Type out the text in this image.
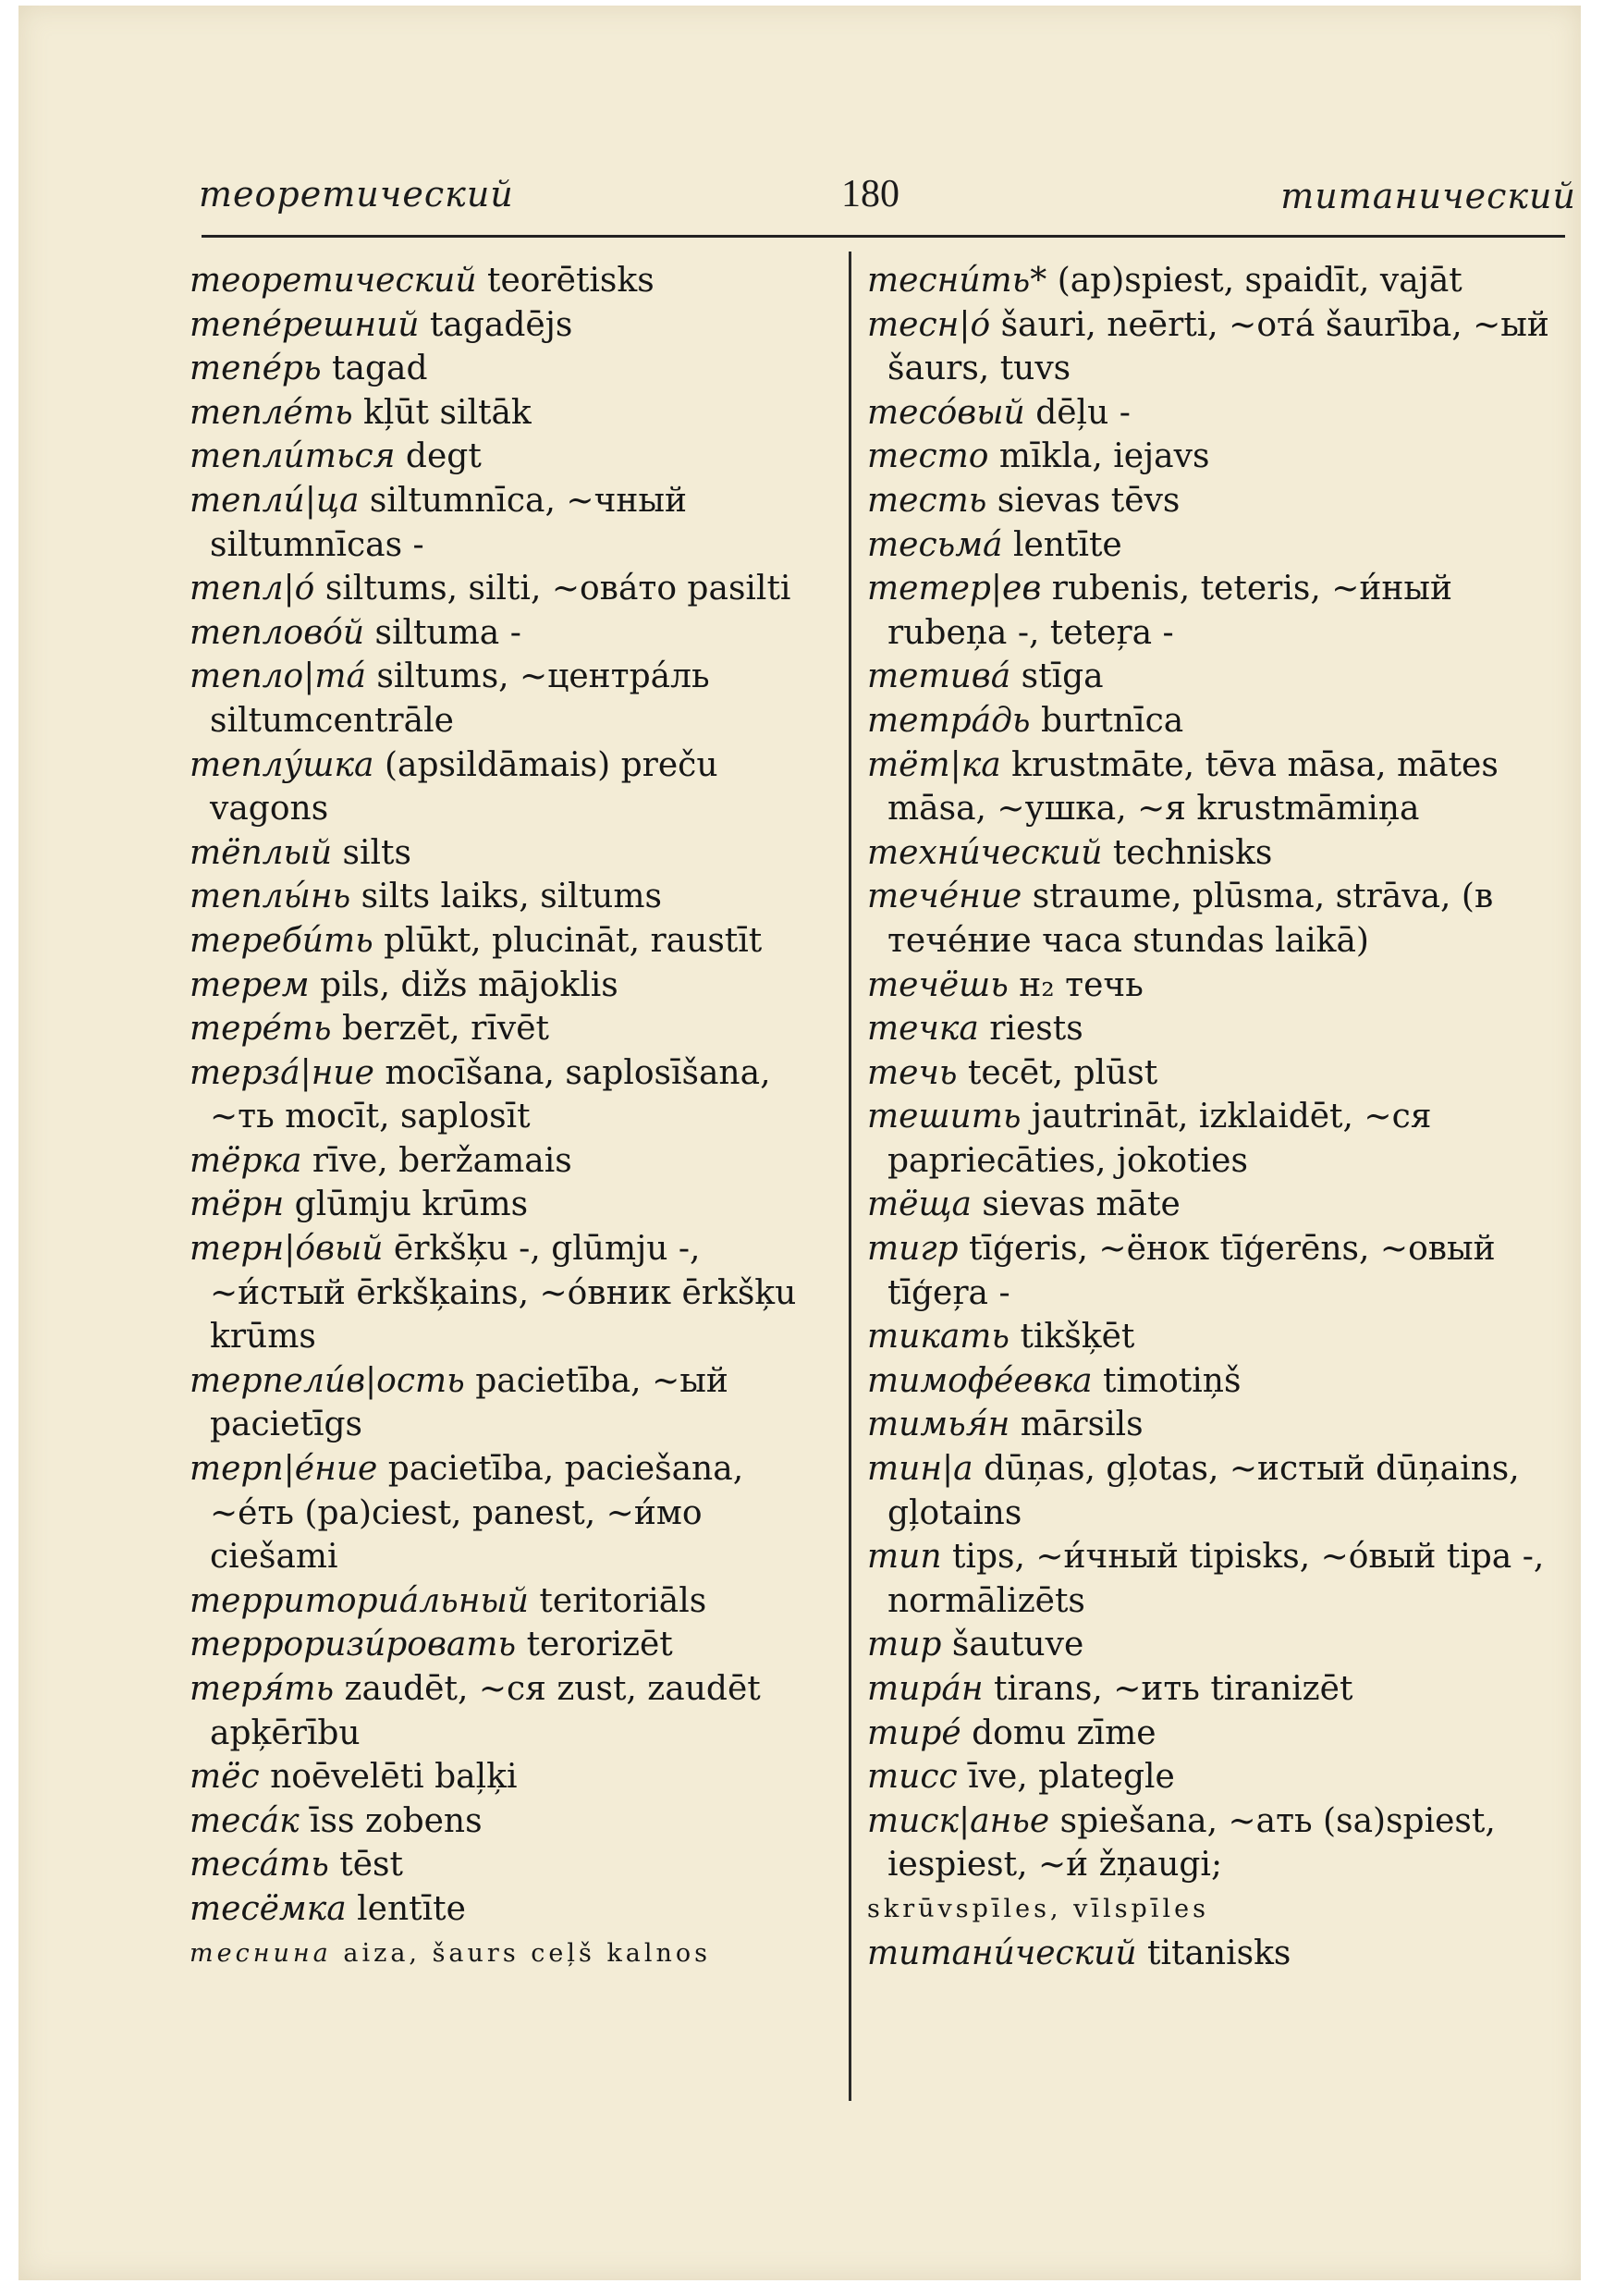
теоретический	180	титанический
теоретический teorētisks
тепе́решний tagadējs
тепе́рь tagad
тепле́ть kļūt siltāk
тепли́ться degt
тепли́|ца siltumnīca, ~чный siltumnīcas -
тепл|о́ siltums, silti, ~ова́то pasilti
теплово́й siltuma -
тепло|та́ siltums, ~центра́ль siltumcentrāle
теплу́шка (apsildāmais) preču vagons
тёплый silts
теплы́нь silts laiks, siltums
тереби́ть plūkt, plucināt, raustīt
терем pils, dižs mājoklis
тере́ть berzēt, rīvēt
терза́|ние mocīšana, saplosīšana, ~ть mocīt, saplosīt
тёрка rīve, beržamais
тёрн glūmju krūms
терн|о́вый ērkšķu -, glūmju -, ~и́стый ērkšķains, ~о́вник ērkšķu krūms
терпели́в|ость pacietība, ~ый pacietīgs
терп|е́ние pacietība, paciešana, ~е́ть (pa)ciest, panest, ~и́мо ciešami
территориа́льный teritoriāls
терроризи́ровать terorizēt
теря́ть zaudēt, ~ся zust, zaudēt apķērību
тёс noēvelēti baļķi
теса́к īss zobens
теса́ть tēst
тесёмка lentīte
теснина aiza, šaurs ceļš kalnos
тесни́ть* (ap)spiest, spaidīt, vajāt
тесн|о́ šauri, neērti, ~ота́ šaurība, ~ый šaurs, tuvs
тесо́вый dēļu -
тесто mīkla, iejavs
тесть sievas tēvs
тесьма́ lentīte
тетер|ев rubenis, teteris, ~и́ный rubeņa -, teteŗa -
тетива́ stīga
тетра́дь burtnīca
тёт|ка krustmāte, tēva māsa, mātes māsa, ~ушка, ~я krustmāmiņa
техни́ческий technisks
тече́ние straume, plūsma, strāva, (в тече́ние часа stundas laikā)
течёшь н₂ течь
течка riests
течь tecēt, plūst
тешить jautrināt, izklaidēt, ~ся papriecāties, jokoties
тёща sievas māte
тигр tīģeris, ~ёнок tīģerēns, ~овый tīģeŗa -
тикать tikšķēt
тимофе́евка timotiņš
тимья́н mārsils
тин|а dūņas, gļotas, ~истый dūņains, gļotains
тип tips, ~и́чный tipisks, ~о́вый tipa -, normālizēts
тир šautuve
тира́н tirans, ~ить tiranizēt
тире́ domu zīme
тисс īve, plategle
тиск|анье spiešana, ~ать (sa)spiest, iespiest, ~и́ žņaugi;
skrūvspīles, vīlspīles
титани́ческий titanisks
